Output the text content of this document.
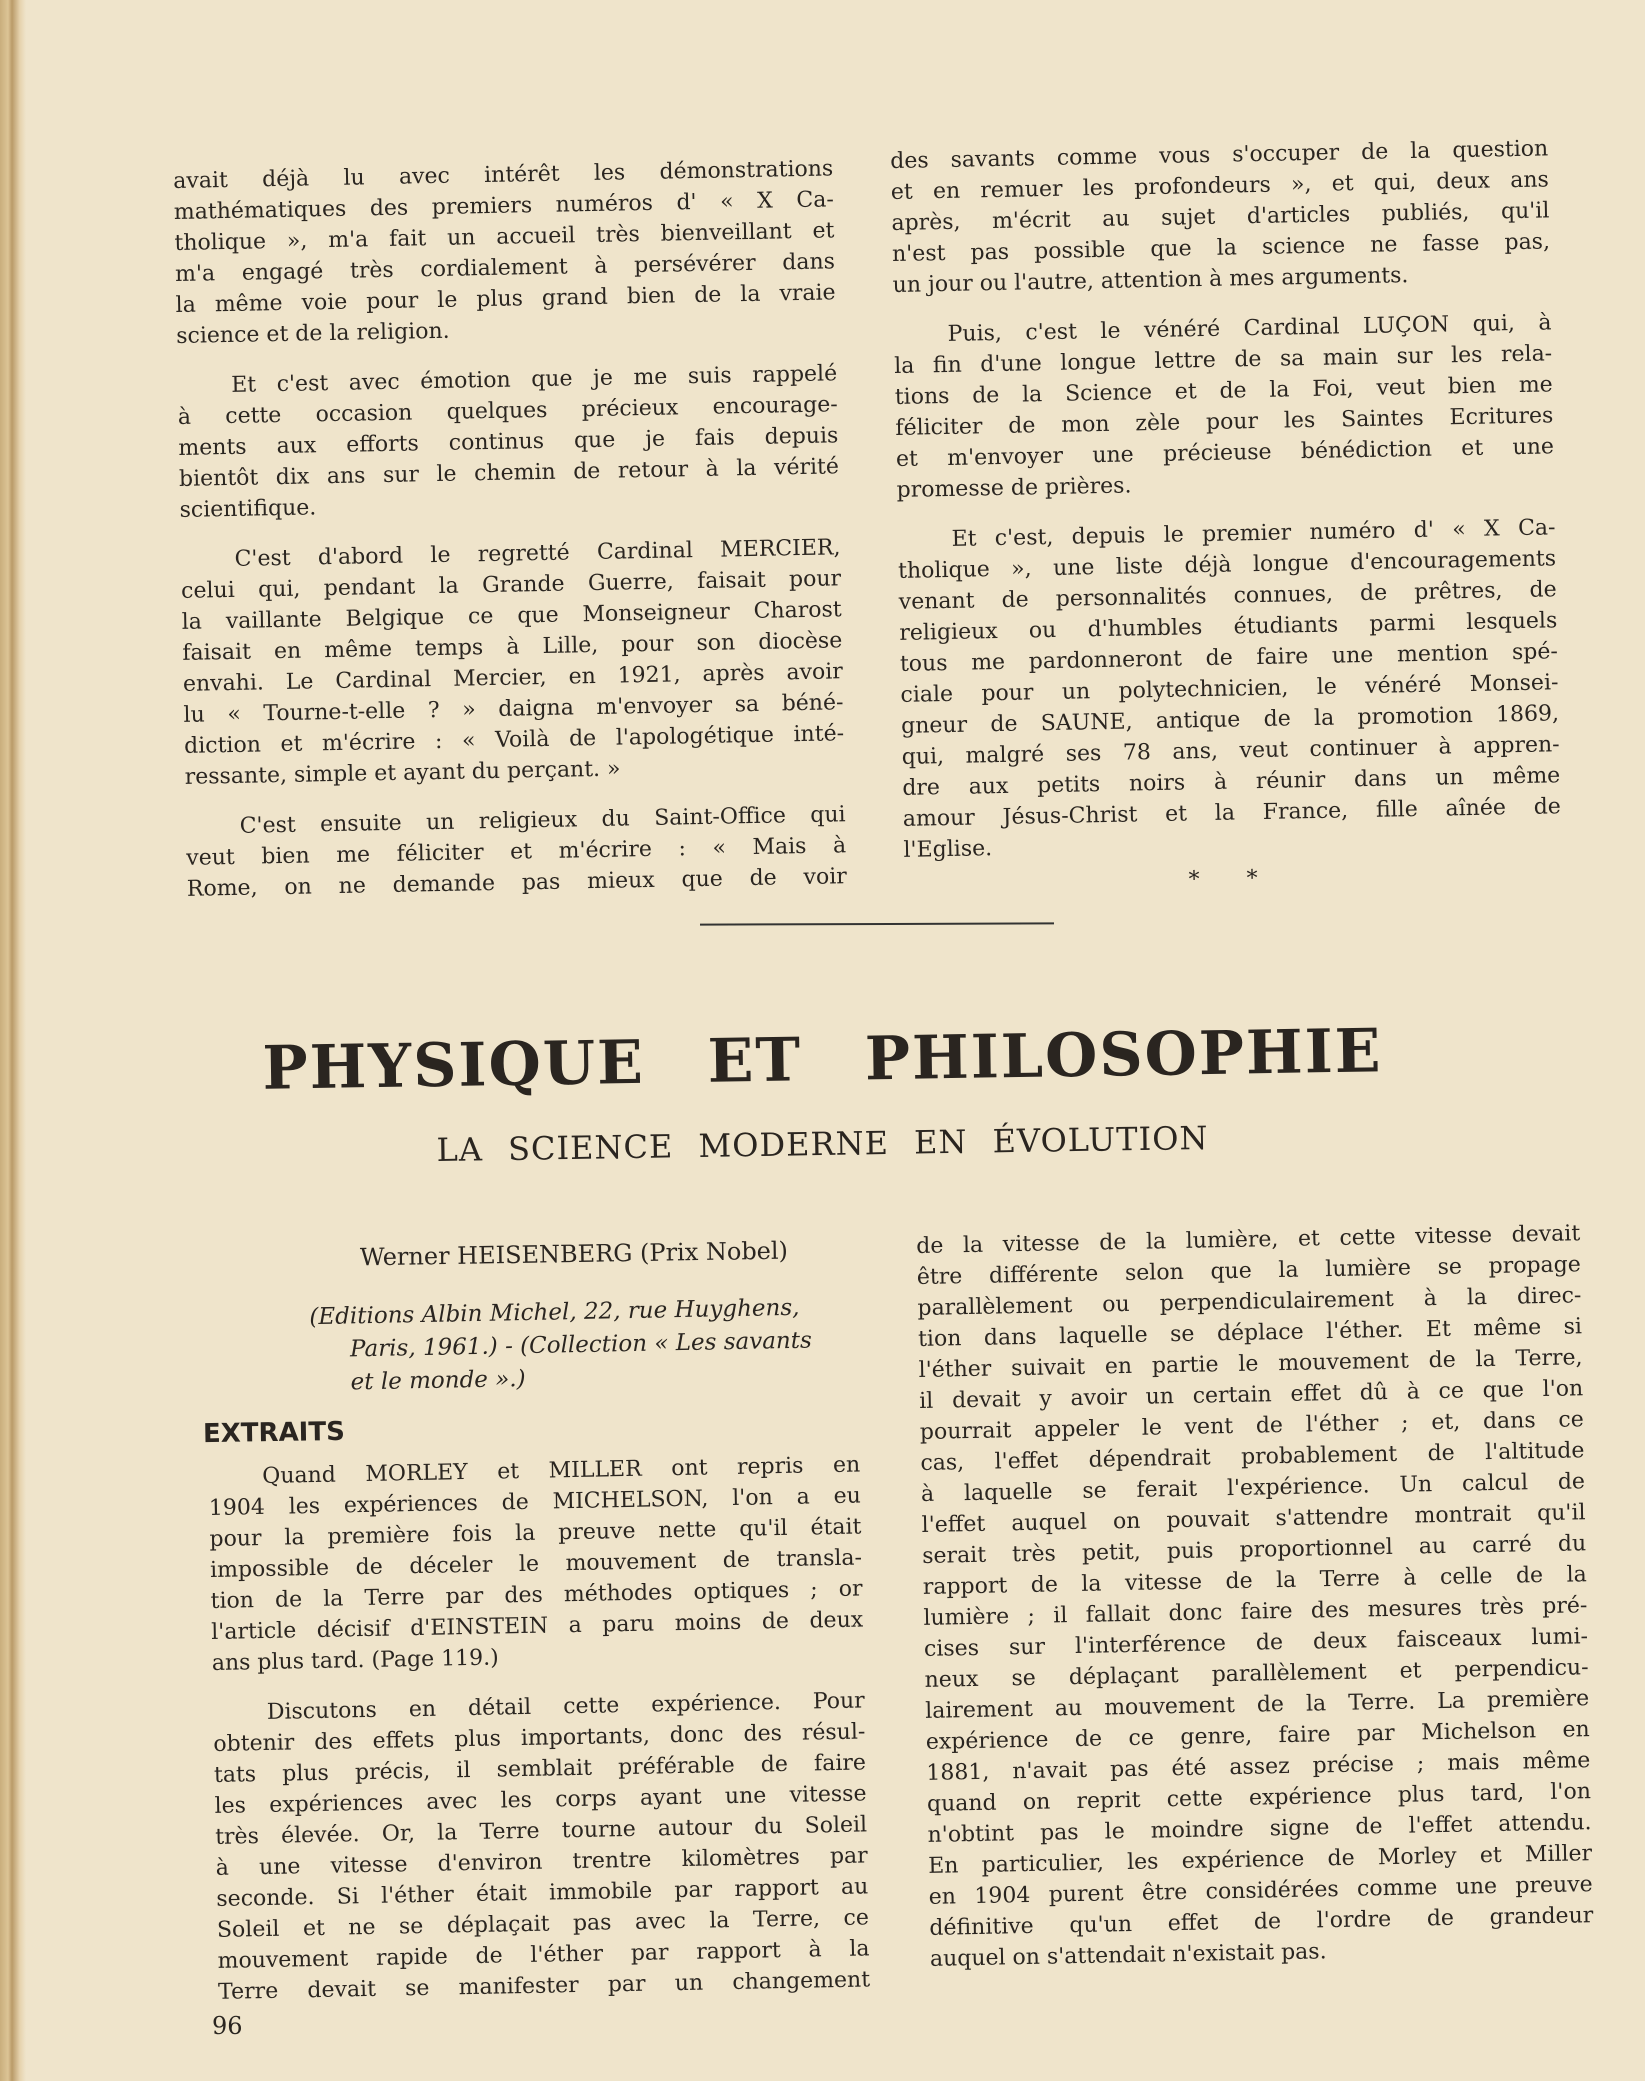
avait déjà lu avec intérêt les démonstrations
mathématiques des premiers numéros d' « X Ca-
tholique », m'a fait un accueil très bienveillant et
m'a engagé très cordialement à persévérer dans
la même voie pour le plus grand bien de la vraie
science et de la religion.
Et c'est avec émotion que je me suis rappelé
à cette occasion quelques précieux encourage-
ments aux efforts continus que je fais depuis
bientôt dix ans sur le chemin de retour à la vérité
scientifique.
C'est d'abord le regretté Cardinal MERCIER,
celui qui, pendant la Grande Guerre, faisait pour
la vaillante Belgique ce que Monseigneur Charost
faisait en même temps à Lille, pour son diocèse
envahi. Le Cardinal Mercier, en 1921, après avoir
lu « Tourne-t-elle ? » daigna m'envoyer sa béné-
diction et m'écrire : « Voilà de l'apologétique inté-
ressante, simple et ayant du perçant. »
C'est ensuite un religieux du Saint-Office qui
veut bien me féliciter et m'écrire : « Mais à
Rome, on ne demande pas mieux que de voir
des savants comme vous s'occuper de la question
et en remuer les profondeurs », et qui, deux ans
après, m'écrit au sujet d'articles publiés, qu'il
n'est pas possible que la science ne fasse pas,
un jour ou l'autre, attention à mes arguments.
Puis, c'est le vénéré Cardinal LUÇON qui, à
la fin d'une longue lettre de sa main sur les rela-
tions de la Science et de la Foi, veut bien me
féliciter de mon zèle pour les Saintes Ecritures
et m'envoyer une précieuse bénédiction et une
promesse de prières.
Et c'est, depuis le premier numéro d' « X Ca-
tholique », une liste déjà longue d'encouragements
venant de personnalités connues, de prêtres, de
religieux ou d'humbles étudiants parmi lesquels
tous me pardonneront de faire une mention spé-
ciale pour un polytechnicien, le vénéré Monsei-
gneur de SAUNE, antique de la promotion 1869,
qui, malgré ses 78 ans, veut continuer à appren-
dre aux petits noirs à réunir dans un même
amour Jésus-Christ et la France, fille aînée de
l'Eglise.
* *
PHYSIQUE ET PHILOSOPHIE
LA SCIENCE MODERNE EN ÉVOLUTION
Werner HEISENBERG (Prix Nobel)
(Editions Albin Michel, 22, rue Huyghens,
Paris, 1961.) - (Collection « Les savants
et le monde ».)
EXTRAITS
Quand MORLEY et MILLER ont repris en
1904 les expériences de MICHELSON, l'on a eu
pour la première fois la preuve nette qu'il était
impossible de déceler le mouvement de transla-
tion de la Terre par des méthodes optiques ; or
l'article décisif d'EINSTEIN a paru moins de deux
ans plus tard. (Page 119.)
Discutons en détail cette expérience. Pour
obtenir des effets plus importants, donc des résul-
tats plus précis, il semblait préférable de faire
les expériences avec les corps ayant une vitesse
très élevée. Or, la Terre tourne autour du Soleil
à une vitesse d'environ trentre kilomètres par
seconde. Si l'éther était immobile par rapport au
Soleil et ne se déplaçait pas avec la Terre, ce
mouvement rapide de l'éther par rapport à la
Terre devait se manifester par un changement
de la vitesse de la lumière, et cette vitesse devait
être différente selon que la lumière se propage
parallèlement ou perpendiculairement à la direc-
tion dans laquelle se déplace l'éther. Et même si
l'éther suivait en partie le mouvement de la Terre,
il devait y avoir un certain effet dû à ce que l'on
pourrait appeler le vent de l'éther ; et, dans ce
cas, l'effet dépendrait probablement de l'altitude
à laquelle se ferait l'expérience. Un calcul de
l'effet auquel on pouvait s'attendre montrait qu'il
serait très petit, puis proportionnel au carré du
rapport de la vitesse de la Terre à celle de la
lumière ; il fallait donc faire des mesures très pré-
cises sur l'interférence de deux faisceaux lumi-
neux se déplaçant parallèlement et perpendicu-
lairement au mouvement de la Terre. La première
expérience de ce genre, faire par Michelson en
1881, n'avait pas été assez précise ; mais même
quand on reprit cette expérience plus tard, l'on
n'obtint pas le moindre signe de l'effet attendu.
En particulier, les expérience de Morley et Miller
en 1904 purent être considérées comme une preuve
définitive qu'un effet de l'ordre de grandeur
auquel on s'attendait n'existait pas.
96
